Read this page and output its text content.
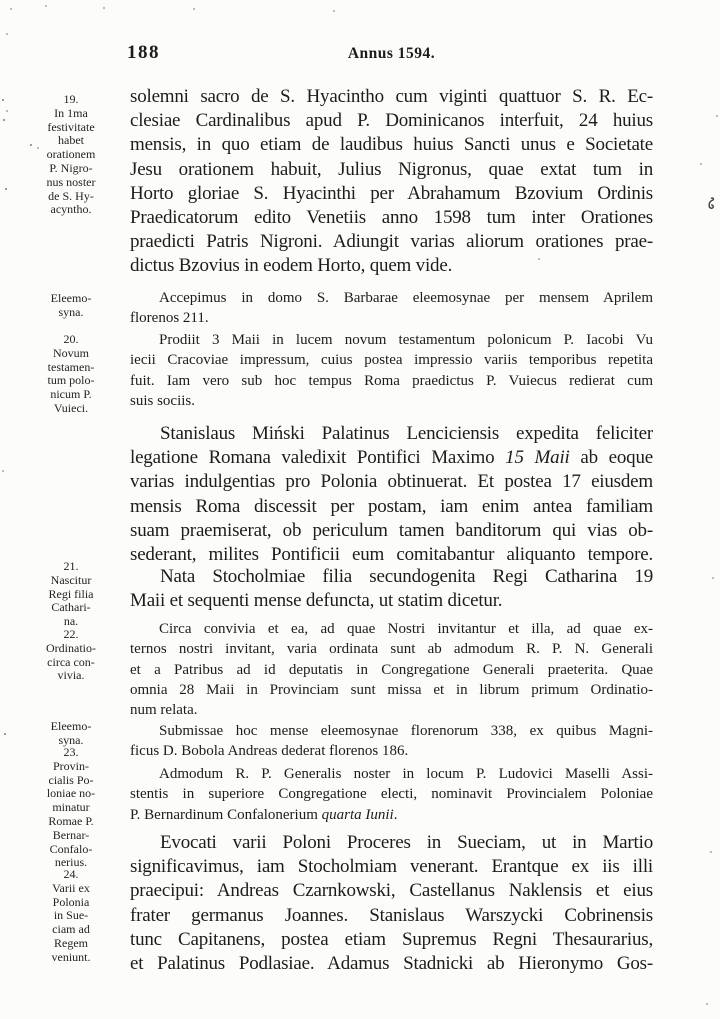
188	Annus 1594.
19.
In 1ma
festivitate
habet
orationem
P. Nigro-
nus noster
de S. Hy-
acyntho.
Eleemo-
syna.
20.
Novum
testamen-
tum polo-
nicum P.
Vuieci.
21.
Nascitur
Regi filia
Cathari-
na.
22.
Ordinatio-
circa con-
vivia.
Eleemo-
syna.
23.
Provin-
cialis Po-
loniae no-
minatur
Romae P.
Bernar-
Confalo-
nerius.
24.
Varii ex
Polonia
in Sue-
ciam ad
Regem
veniunt.
solemni sacro de S. Hyacintho cum viginti quattuor S. R. Ec-
clesiae Cardinalibus apud P. Dominicanos interfuit, 24 huius
mensis, in quo etiam de laudibus huius Sancti unus e Societate
Jesu orationem habuit, Julius Nigronus, quae extat tum in
Horto gloriae S. Hyacinthi per Abrahamum Bzovium Ordinis
Praedicatorum edito Venetiis anno 1598 tum inter Orationes
praedicti Patris Nigroni. Adiungit varias aliorum orationes prae-
dictus Bzovius in eodem Horto, quem vide.
Accepimus in domo S. Barbarae eleemosynae per mensem Aprilem
florenos 211.
Prodiit 3 Maii in lucem novum testamentum polonicum P. Iacobi Vu
iecii Cracoviae impressum, cuius postea impressio variis temporibus repetita
fuit. Iam vero sub hoc tempus Roma praedictus P. Vuiecus redierat cum
suis sociis.
Stanislaus Miński Palatinus Lenciciensis expedita feliciter
legatione Romana valedixit Pontifici Maximo 15 Maii ab eoque
varias indulgentias pro Polonia obtinuerat. Et postea 17 eiusdem
mensis Roma discessit per postam, iam enim antea familiam
suam praemiserat, ob periculum tamen banditorum qui vias ob-
sederant, milites Pontificii eum comitabantur aliquanto tempore.
Nata Stocholmiae filia secundogenita Regi Catharina 19
Maii et sequenti mense defuncta, ut statim dicetur.
Circa convivia et ea, ad quae Nostri invitantur et illa, ad quae ex-
ternos nostri invitant, varia ordinata sunt ab admodum R. P. N. Generali
et a Patribus ad id deputatis in Congregatione Generali praeterita. Quae
omnia 28 Maii in Provinciam sunt missa et in librum primum Ordinatio-
num relata.
Submissae hoc mense eleemosynae florenorum 338, ex quibus Magni-
ficus D. Bobola Andreas dederat florenos 186.
Admodum R. P. Generalis noster in locum P. Ludovici Maselli Assi-
stentis in superiore Congregatione electi, nominavit Provincialem Poloniae
P. Bernardinum Confalonerium quarta Iunii.
Evocati varii Poloni Proceres in Sueciam, ut in Martio
significavimus, iam Stocholmiam venerant. Erantque ex iis illi
praecipui: Andreas Czarnkowski, Castellanus Naklensis et eius
frater germanus Joannes. Stanislaus Warszycki Cobrinensis
tunc Capitanens, postea etiam Supremus Regni Thesaurarius,
et Palatinus Podlasiae. Adamus Stadnicki ab Hieronymo Gos-
